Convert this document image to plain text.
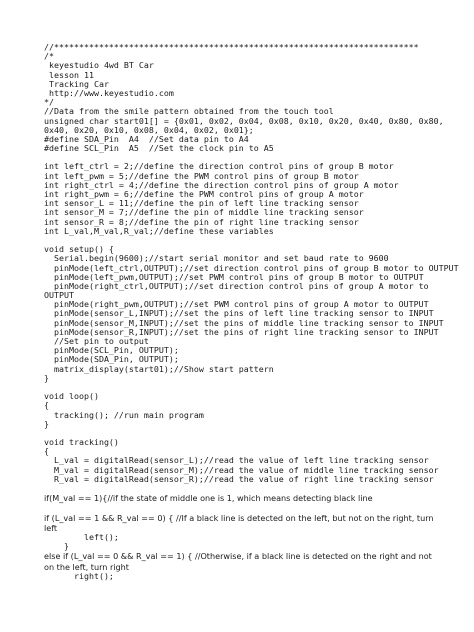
//*************************************************************************
/*
keyestudio 4wd BT Car
lesson 11
Tracking Car
http://www.keyestudio.com
*/
//Data from the smile pattern obtained from the touch tool
unsigned char start01[] = {0x01, 0x02, 0x04, 0x08, 0x10, 0x20, 0x40, 0x80, 0x80,
0x40, 0x20, 0x10, 0x08, 0x04, 0x02, 0x01};
#define SDA_Pin  A4  //Set data pin to A4
#define SCL_Pin  A5  //Set the clock pin to A5
int left_ctrl = 2;//define the direction control pins of group B motor
int left_pwm = 5;//define the PWM control pins of group B motor
int right_ctrl = 4;//define the direction control pins of group A motor
int right_pwm = 6;//define the PWM control pins of group A motor
int sensor_L = 11;//define the pin of left line tracking sensor
int sensor_M = 7;//define the pin of middle line tracking sensor
int sensor_R = 8;//define the pin of right line tracking sensor
int L_val,M_val,R_val;//define these variables
void setup() {
Serial.begin(9600);//start serial monitor and set baud rate to 9600
pinMode(left_ctrl,OUTPUT);//set direction control pins of group B motor to OUTPUT
pinMode(left_pwm,OUTPUT);//set PWM control pins of group B motor to OUTPUT
pinMode(right_ctrl,OUTPUT);//set direction control pins of group A motor to
OUTPUT
pinMode(right_pwm,OUTPUT);//set PWM control pins of group A motor to OUTPUT
pinMode(sensor_L,INPUT);//set the pins of left line tracking sensor to INPUT
pinMode(sensor_M,INPUT);//set the pins of middle line tracking sensor to INPUT
pinMode(sensor_R,INPUT);//set the pins of right line tracking sensor to INPUT
//Set pin to output
pinMode(SCL_Pin, OUTPUT);
pinMode(SDA_Pin, OUTPUT);
matrix_display(start01);//Show start pattern
}
void loop()
{
tracking(); //run main program
}
void tracking()
{
L_val = digitalRead(sensor_L);//read the value of left line tracking sensor
M_val = digitalRead(sensor_M);//read the value of middle line tracking sensor
R_val = digitalRead(sensor_R);//read the value of right line tracking sensor
if(M_val == 1){//if the state of middle one is 1, which means detecting black line
if (L_val == 1 && R_val == 0) { //If a black line is detected on the left, but not on the right, turn left
left();
}
else if (L_val == 0 && R_val == 1) { //Otherwise, if a black line is detected on the right and not on the left, turn right
right();
